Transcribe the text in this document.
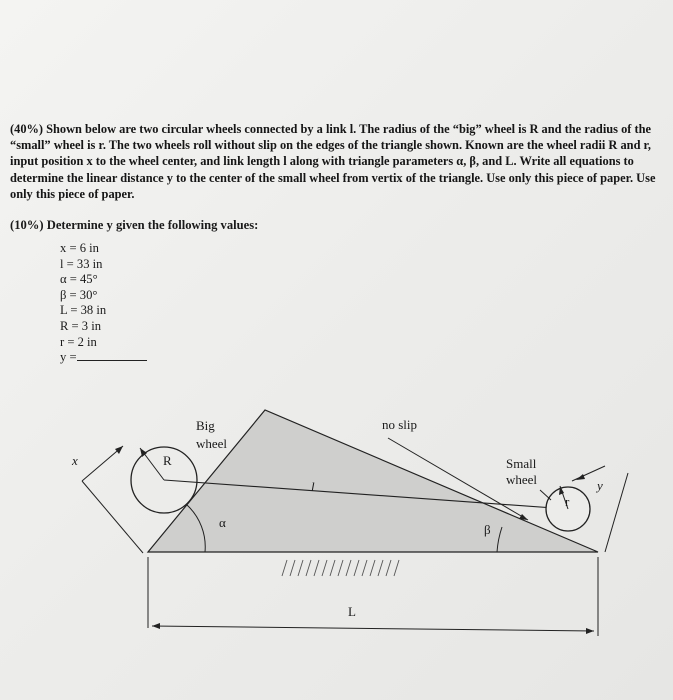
(40%) Shown below are two circular wheels connected by a link l. The radius of the “big” wheel is R and the radius of the “small” wheel is r. The two wheels roll without slip on the edges of the triangle shown. Known are the wheel radii R and r, input position x to the wheel center, and link length l along with triangle parameters α, β, and L. Write all equations to determine the linear distance y to the center of the small wheel from vertix of the triangle. Use only this piece of paper. Use only this piece of paper.

(10%) Determine y given the following values:
x = 6 in
l = 33 in
α = 45°
β = 30°
L = 38 in
R = 3 in
r = 2 in
y =
Big
wheel
R
x
l
no slip
Small
wheel
r
y
α	β
L
